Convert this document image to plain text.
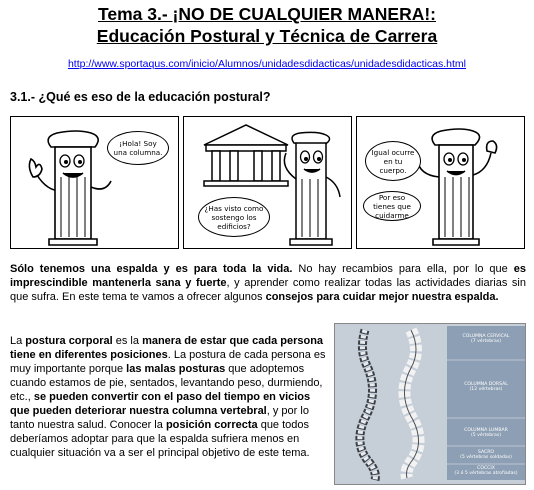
Tema 3.- ¡NO DE CUALQUIER MANERA!:
Educación Postural y Técnica de Carrera
http://www.sportaqus.com/inicio/Alumnos/unidadesdidacticas/unidadesdidacticas.html
3.1.- ¿Qué es eso de la educación postural?
¡Hola! Soy una columna.
¿Has visto como sostengo los edificios?
Igual ocurre en tu cuerpo.
Por eso tienes que cuidarme
Sólo tenemos una espalda y es para toda la vida. No hay recambios para ella, por lo que es imprescindible mantenerla sana y fuerte, y aprender como realizar todas las actividades diarias sin que sufra. En este tema te vamos a ofrecer algunos consejos para cuidar mejor nuestra espalda.
La postura corporal es la manera de estar que cada persona tiene en diferentes posiciones. La postura de cada persona es muy importante porque las malas posturas que adoptemos cuando estamos de pie, sentados, levantando peso, durmiendo, etc., se pueden convertir con el paso del tiempo en vicios que pueden deteriorar nuestra columna vertebral, y por lo tanto nuestra salud. Conocer la posición correcta que todos deberíamos adoptar para que la espalda sufriera menos en cualquier situación va a ser el principal objetivo de este tema.
COLUMNA CERVICAL
(7 vértebras)
COLUMNA DORSAL
(12 vértebras)
COLUMNA LUMBAR
(5 vértebras)
SACRO
(5 vértebras soldadas)
COCCIX
(3 ó 5 vértebras atrofiadas)
